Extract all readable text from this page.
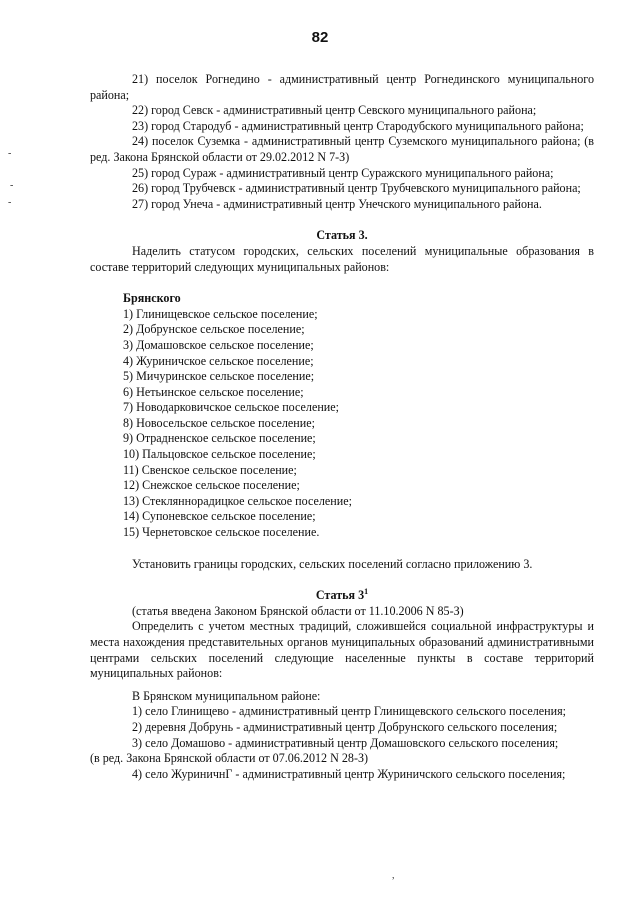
82
-
-
-
,

21) поселок Рогнедино - административный центр Рогнединского муниципального района;

22) город Севск - административный центр Севского муниципального района;

23) город Стародуб - административный центр Стародубского муниципального района;

24) поселок Суземка - административный центр Суземского муниципального района; (в ред. Закона Брянской области от 29.02.2012 N 7-З)

25) город Сураж - административный центр Суражского муниципального района;

26) город Трубчевск - административный центр Трубчевского муниципального района;

27) город Унеча - административный центр Унечского муниципального района.

Статья 3.

Наделить статусом городских, сельских поселений муниципальные образования в составе территорий следующих муниципальных районов:

Брянского
1) Глинищевское сельское поселение;
2) Добрунское сельское поселение;
3) Домашовское сельское поселение;
4) Журиничское сельское поселение;
5) Мичуринское сельское поселение;
6) Нетьинское сельское поселение;
7) Новодарковичское сельское поселение;
8) Новосельское сельское поселение;
9) Отрадненское сельское поселение;
10) Пальцовское сельское поселение;
11) Свенское сельское поселение;
12) Снежское сельское поселение;
13) Стекляннорадицкое сельское поселение;
14) Супоневское сельское поселение;
15) Чернетовское сельское поселение.

Установить границы городских, сельских поселений согласно приложению 3.

Статья $3^1$

(статья введена Законом Брянской области от 11.10.2006 N 85-З)

Определить с учетом местных традиций, сложившейся социальной инфраструктуры и места нахождения представительных органов муниципальных образований административными центрами сельских поселений следующие населенные пункты в составе территорий муниципальных районов:

В Брянском муниципальном районе:

1) село Глинищево - административный центр Глинищевского сельского поселения;

2) деревня Добрунь - административный центр Добрунского сельского поселения;

3) село Домашово - административный центр Домашовского сельского поселения;

(в ред. Закона Брянской области от 07.06.2012 N 28-З)

4) село ЖуриничнГ - административный центр Журиничского сельского поселения;
